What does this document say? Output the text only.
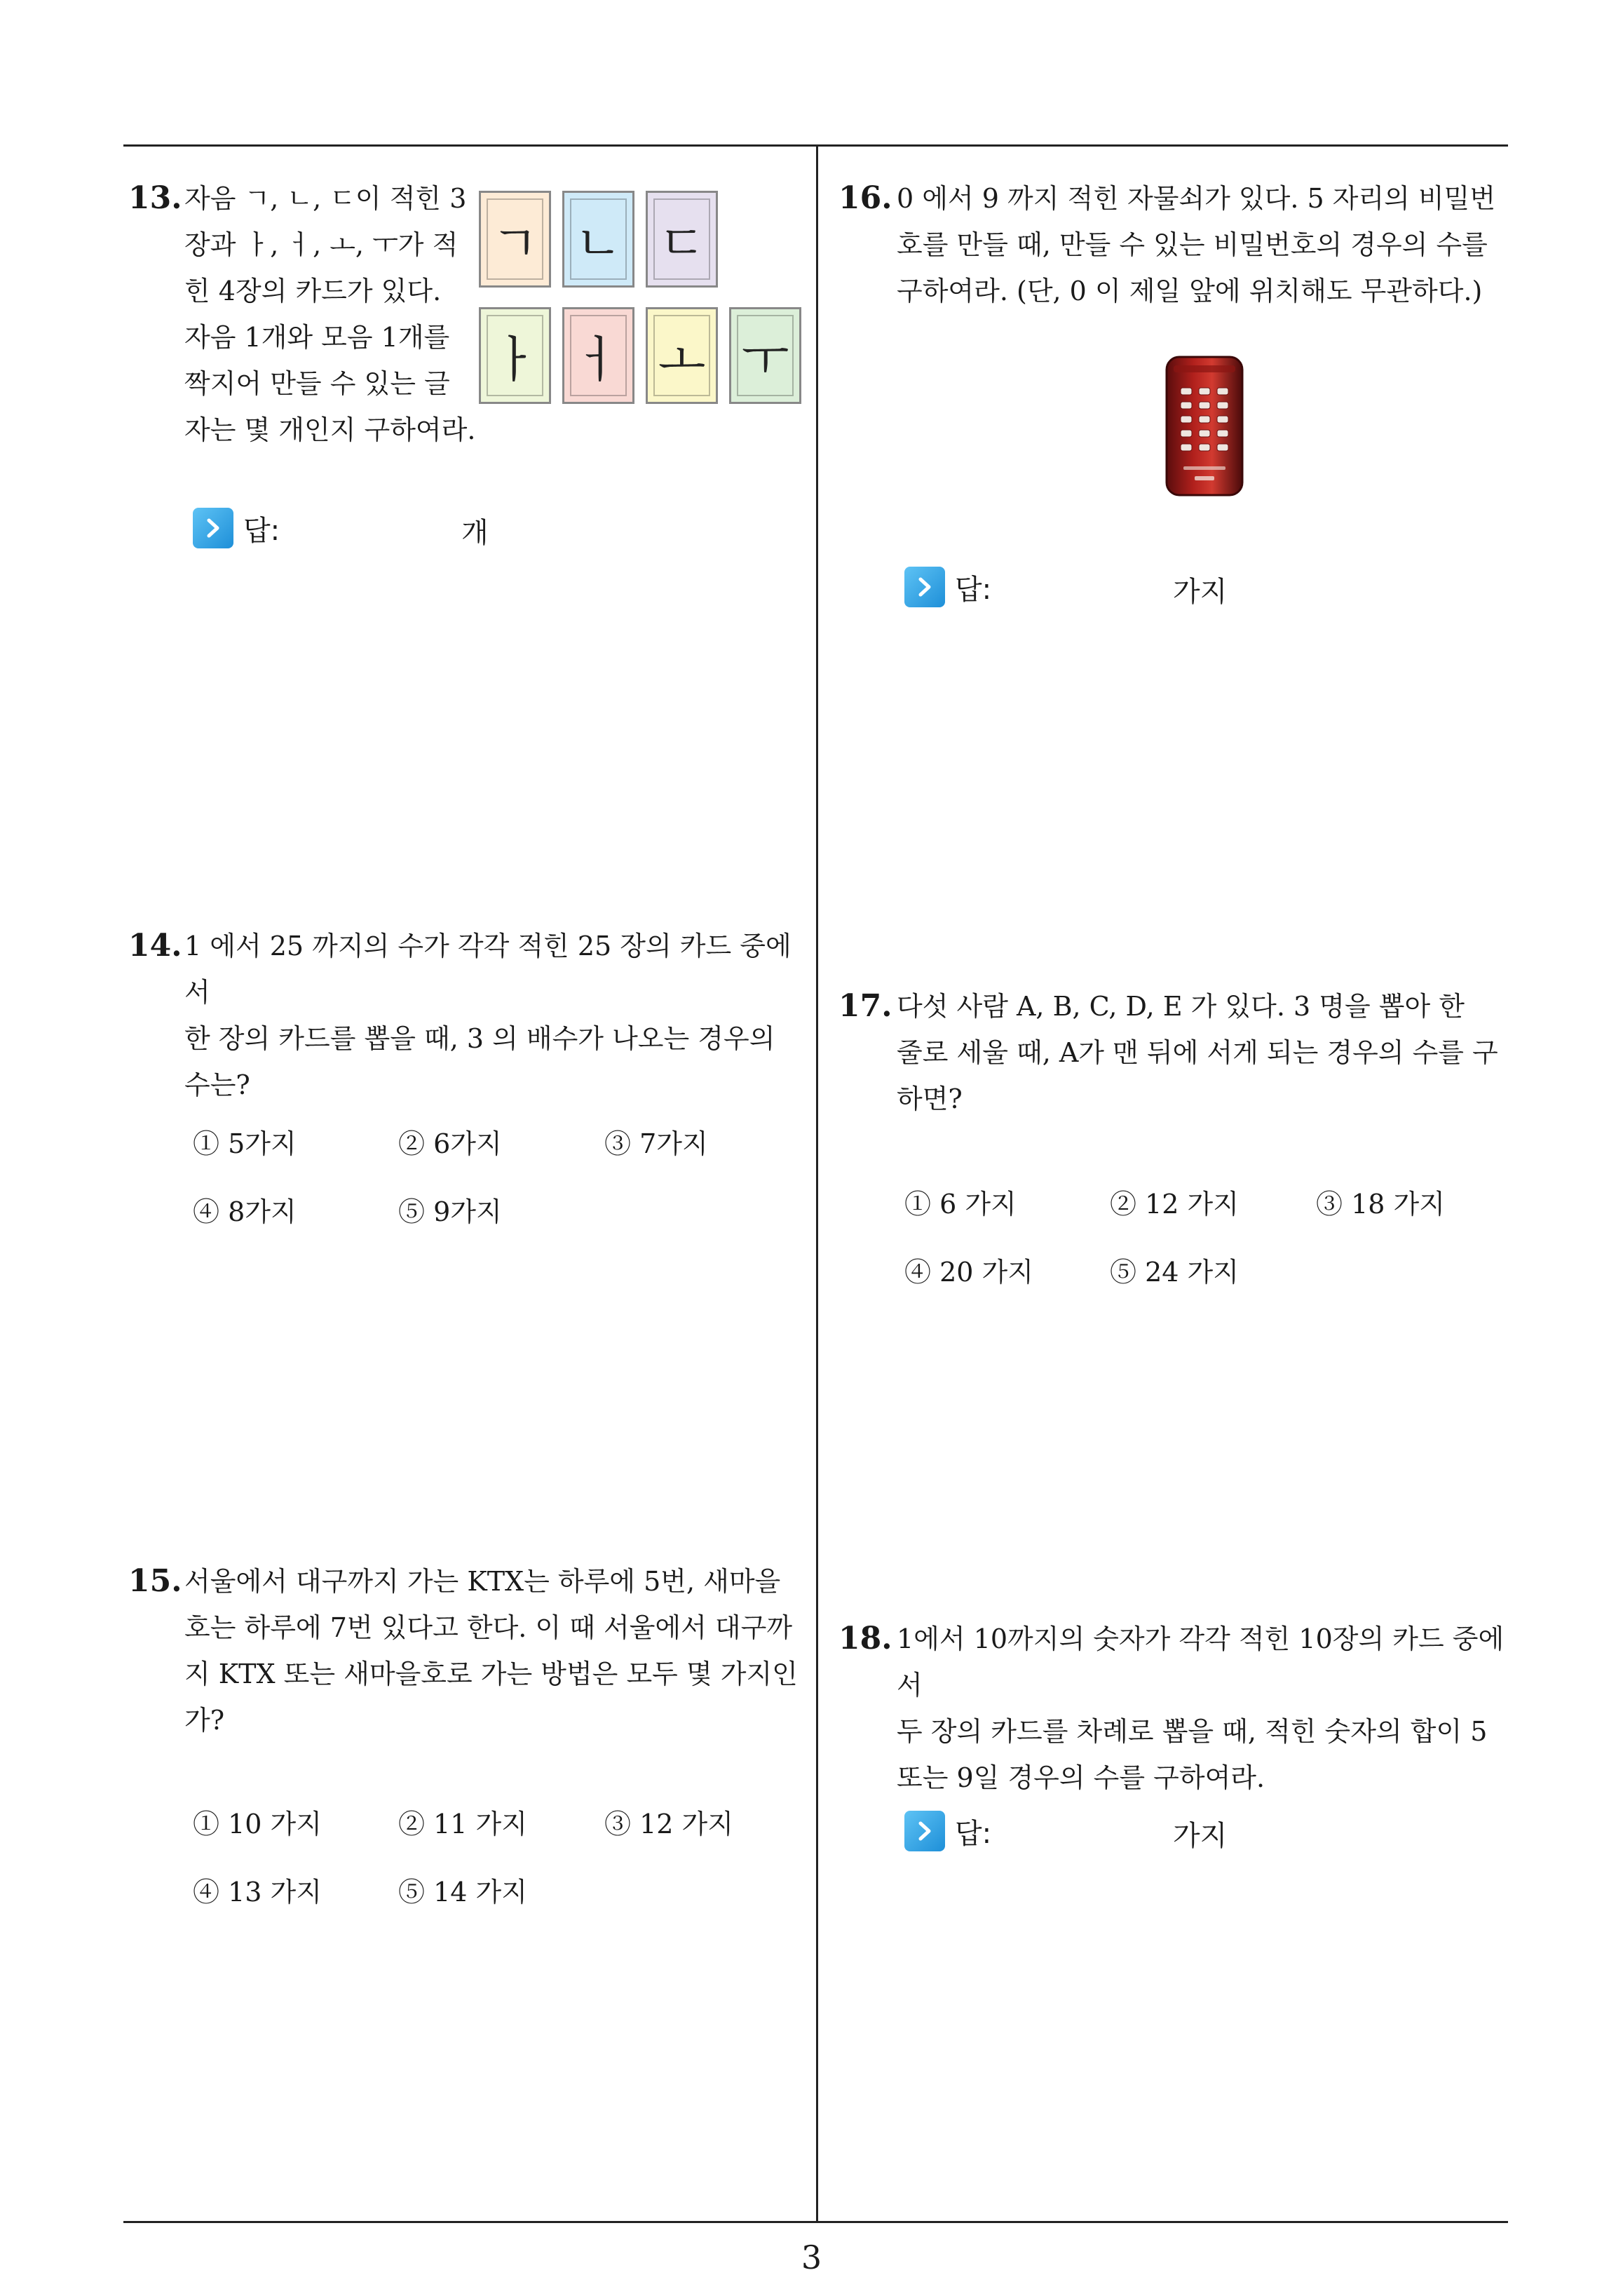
13. 자음 ㄱ, ㄴ, ㄷ이 적힌 3
장과 ㅏ, ㅓ, ㅗ, ㅜ가 적
힌 4장의 카드가 있다.
자음 1개와 모음 1개를
짝지어 만들 수 있는 글
자는 몇 개인지 구하여라.
ㄱ ㄴ ㄷ
ㅏ ㅓ ㅗ ㅜ
답:	개
14. 1 에서 25 까지의 수가 각각 적힌 25 장의 카드 중에서
한 장의 카드를 뽑을 때, 3 의 배수가 나오는 경우의
수는?
① 5가지	② 6가지	③ 7가지
④ 8가지	⑤ 9가지
15. 서울에서 대구까지 가는 KTX는 하루에 5번, 새마을
호는 하루에 7번 있다고 한다. 이 때 서울에서 대구까
지 KTX 또는 새마을호로 가는 방법은 모두 몇 가지인
가?
① 10 가지	② 11 가지	③ 12 가지
④ 13 가지	⑤ 14 가지
16. 0 에서 9 까지 적힌 자물쇠가 있다. 5 자리의 비밀번
호를 만들 때, 만들 수 있는 비밀번호의 경우의 수를
구하여라. (단, 0 이 제일 앞에 위치해도 무관하다.)
답:	가지
17. 다섯 사람 A, B, C, D, E 가 있다. 3 명을 뽑아 한
줄로 세울 때, A가 맨 뒤에 서게 되는 경우의 수를 구
하면?
① 6 가지	② 12 가지	③ 18 가지
④ 20 가지	⑤ 24 가지
18. 1에서 10까지의 숫자가 각각 적힌 10장의 카드 중에서
두 장의 카드를 차례로 뽑을 때, 적힌 숫자의 합이 5
또는 9일 경우의 수를 구하여라.
답:	가지
3
